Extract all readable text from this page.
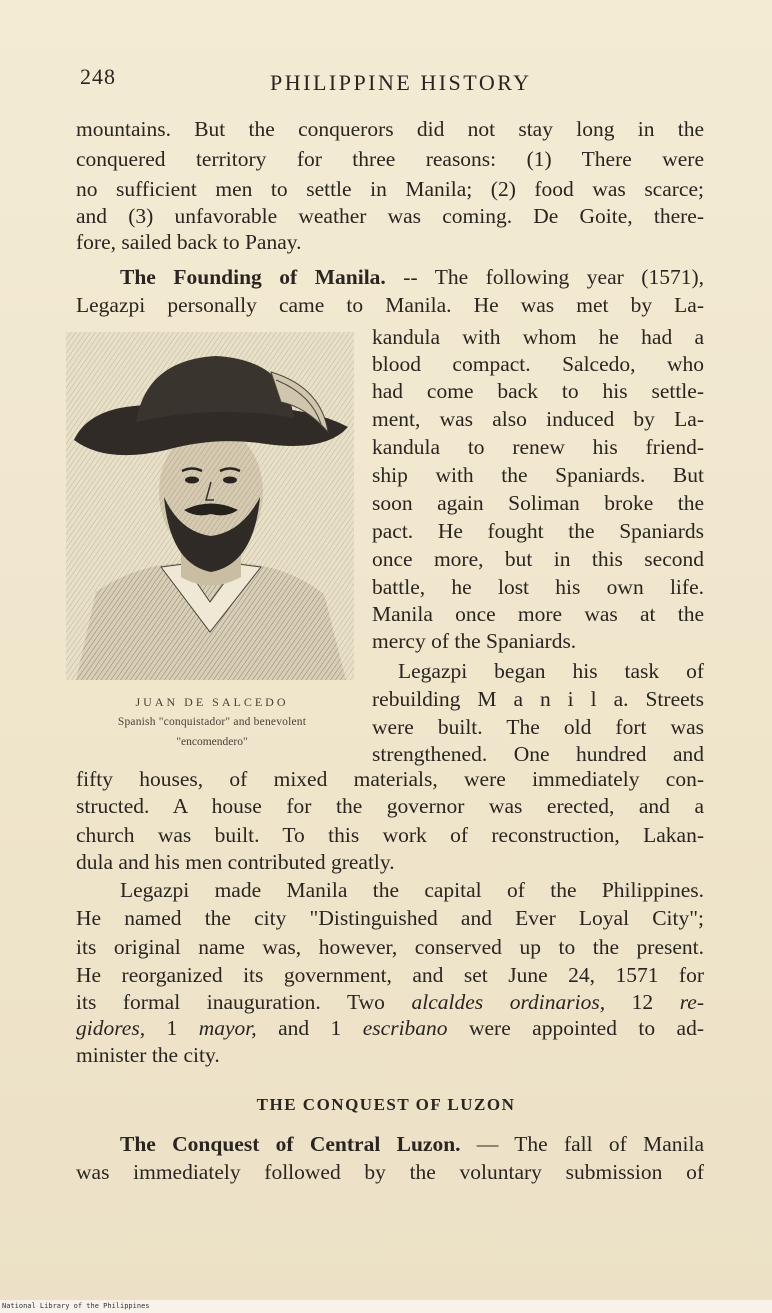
248	PHILIPPINE HISTORY
mountains. But the conquerors did not stay long in the
conquered territory for three reasons: (1) There were
no sufficient men to settle in Manila; (2) food was scarce;
and (3) unfavorable weather was coming. De Goite, there-
fore, sailed back to Panay.
The Founding of Manila. -- The following year (1571),
Legazpi personally came to Manila. He was met by La-
kandula with whom he had a
blood compact. Salcedo, who
had come back to his settle-
ment, was also induced by La-
kandula to renew his friend-
ship with the Spaniards. But
soon again Soliman broke the
pact. He fought the Spaniards
once more, but in this second
battle, he lost his own life.
Manila once more was at the
mercy of the Spaniards.
Legazpi began his task of
rebuilding M a n i l a. Streets
were built. The old fort was
strengthened. One hundred and
fifty houses, of mixed materials, were immediately con-
structed. A house for the governor was erected, and a
church was built. To this work of reconstruction, Lakan-
dula and his men contributed greatly.
JUAN DE SALCEDO
Spanish "conquistador" and benevolent
"encomendero"
Legazpi made Manila the capital of the Philippines.
He named the city "Distinguished and Ever Loyal City";
its original name was, however, conserved up to the present.
He reorganized its government, and set June 24, 1571 for
its formal inauguration. Two alcaldes ordinarios, 12 re-
gidores, 1 mayor, and 1 escribano were appointed to ad-
minister the city.
THE CONQUEST OF LUZON
The Conquest of Central Luzon. — The fall of Manila
was immediately followed by the voluntary submission of
National Library of the Philippines
